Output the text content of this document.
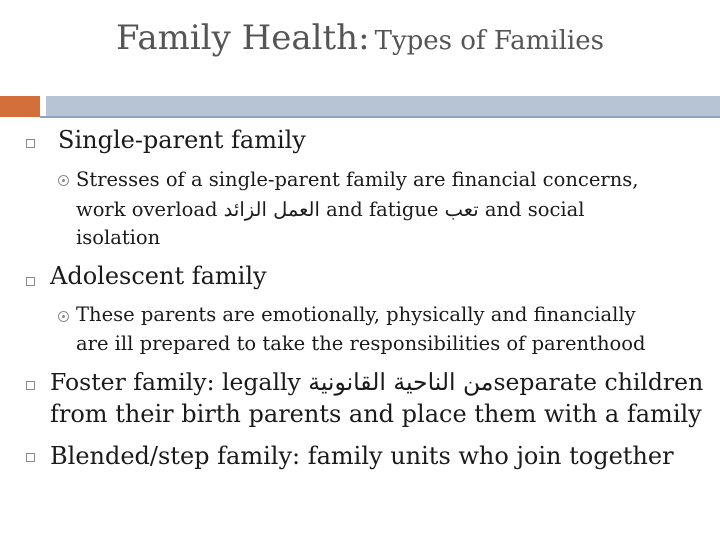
Family Health: Types of Families
Single-parent family
Stresses of a single-parent family are financial concerns,
work overload العمل الزائد and fatigue تعب and social
isolation
Adolescent family
These parents are emotionally, physically and financially
are ill prepared to take the responsibilities of parenthood
Foster family: legally من الناحية القانونيةseparate children
from their birth parents and place them with a family
Blended/step family: family units who join together
